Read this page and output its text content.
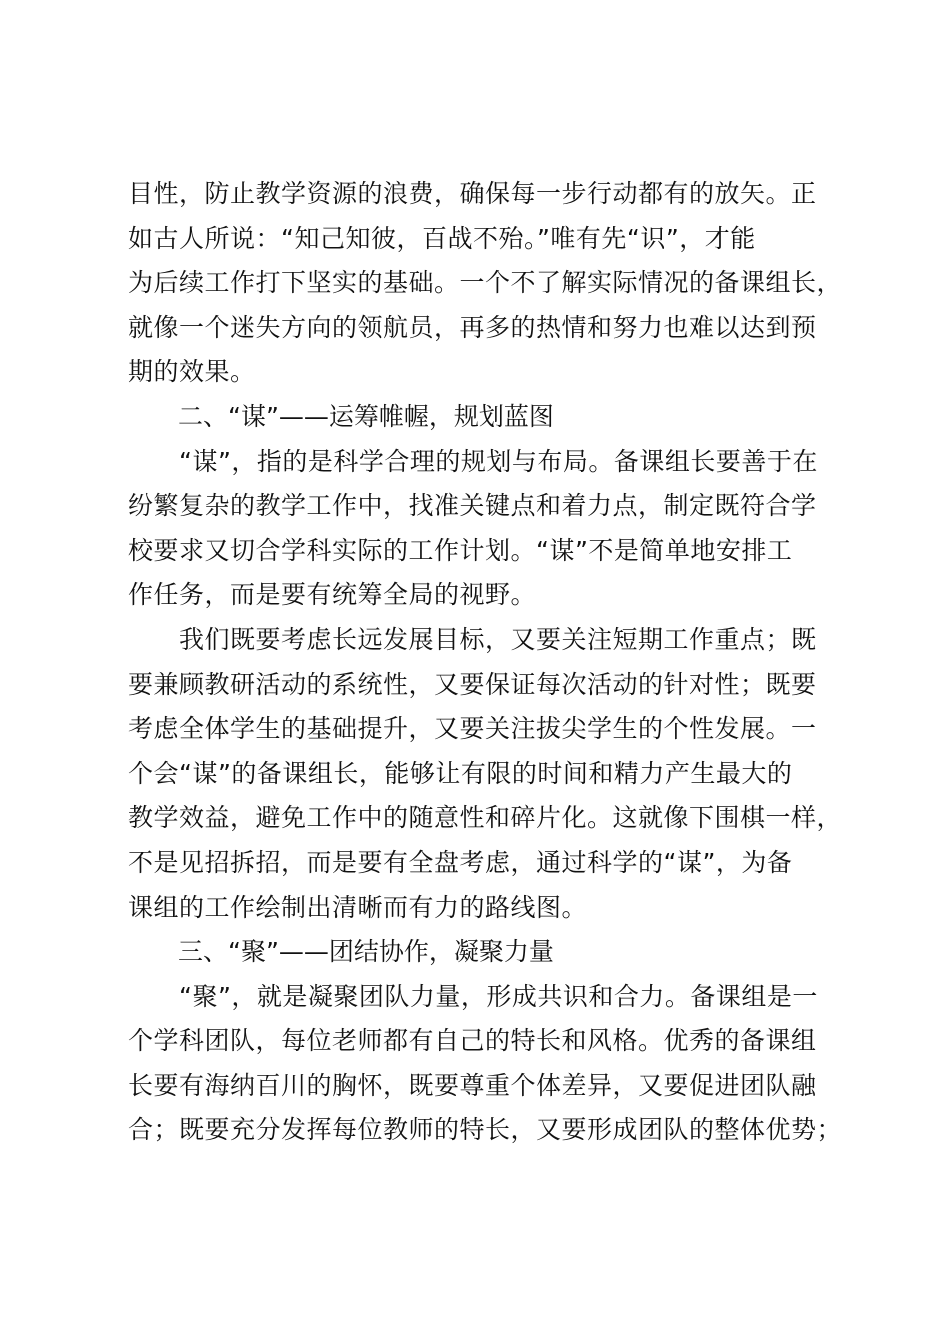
目性，防止教学资源的浪费，确保每一步行动都有的放矢。正
如古人所说：“知己知彼，百战不殆。”唯有先“识”，才能
为后续工作打下坚实的基础。一个不了解实际情况的备课组长，
就像一个迷失方向的领航员，再多的热情和努力也难以达到预
期的效果。
　　二、“谋”——运筹帷幄，规划蓝图
　　“谋”，指的是科学合理的规划与布局。备课组长要善于在
纷繁复杂的教学工作中，找准关键点和着力点，制定既符合学
校要求又切合学科实际的工作计划。“谋”不是简单地安排工
作任务，而是要有统筹全局的视野。
　　我们既要考虑长远发展目标，又要关注短期工作重点；既
要兼顾教研活动的系统性，又要保证每次活动的针对性；既要
考虑全体学生的基础提升，又要关注拔尖学生的个性发展。一
个会“谋”的备课组长，能够让有限的时间和精力产生最大的
教学效益，避免工作中的随意性和碎片化。这就像下围棋一样，
不是见招拆招，而是要有全盘考虑，通过科学的“谋”，为备
课组的工作绘制出清晰而有力的路线图。
　　三、“聚”——团结协作，凝聚力量
　　“聚”，就是凝聚团队力量，形成共识和合力。备课组是一
个学科团队，每位老师都有自己的特长和风格。优秀的备课组
长要有海纳百川的胸怀，既要尊重个体差异，又要促进团队融
合；既要充分发挥每位教师的特长，又要形成团队的整体优势；
